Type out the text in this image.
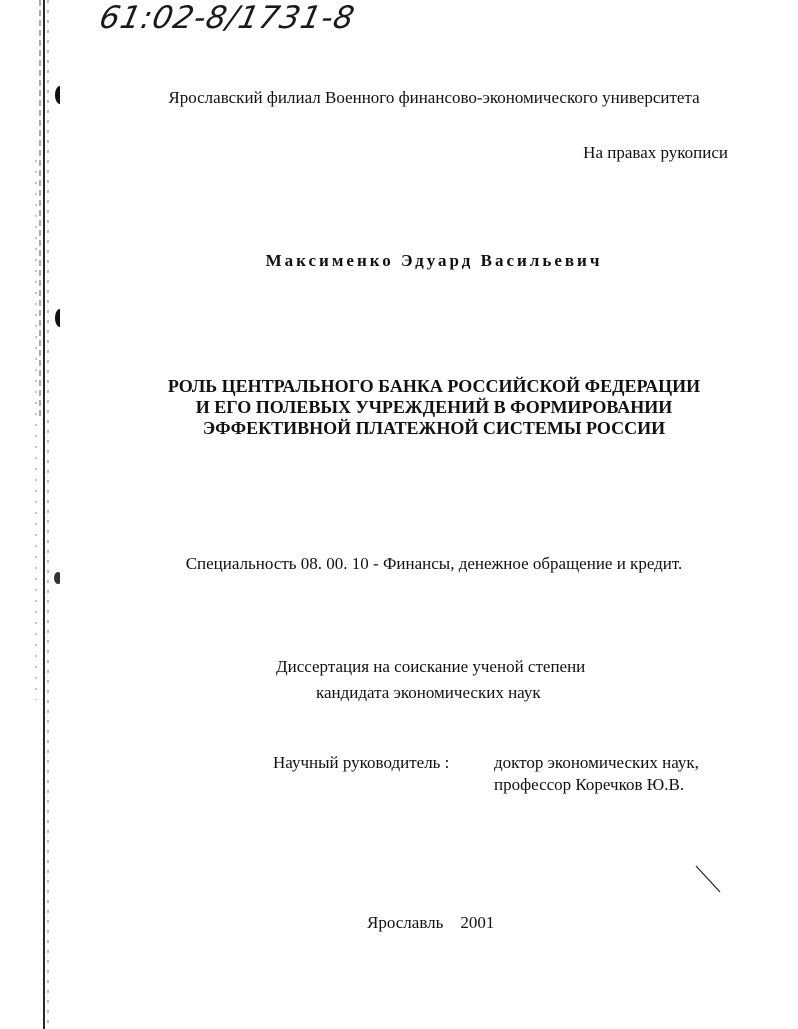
61:02-8/1731-8
Ярославский филиал Военного финансово-экономического университета
На правах рукописи
Максименко Эдуард Васильевич
РОЛЬ ЦЕНТРАЛЬНОГО БАНКА РОССИЙСКОЙ ФЕДЕРАЦИИ
И ЕГО ПОЛЕВЫХ УЧРЕЖДЕНИЙ В ФОРМИРОВАНИИ
ЭФФЕКТИВНОЙ ПЛАТЕЖНОЙ СИСТЕМЫ РОССИИ
Специальность 08. 00. 10 - Финансы, денежное обращение и кредит.
Диссертация на соискание ученой степени
кандидата экономических наук
Научный руководитель :	доктор экономических наук,
профессор Коречков Ю.В.
Ярославль 2001
